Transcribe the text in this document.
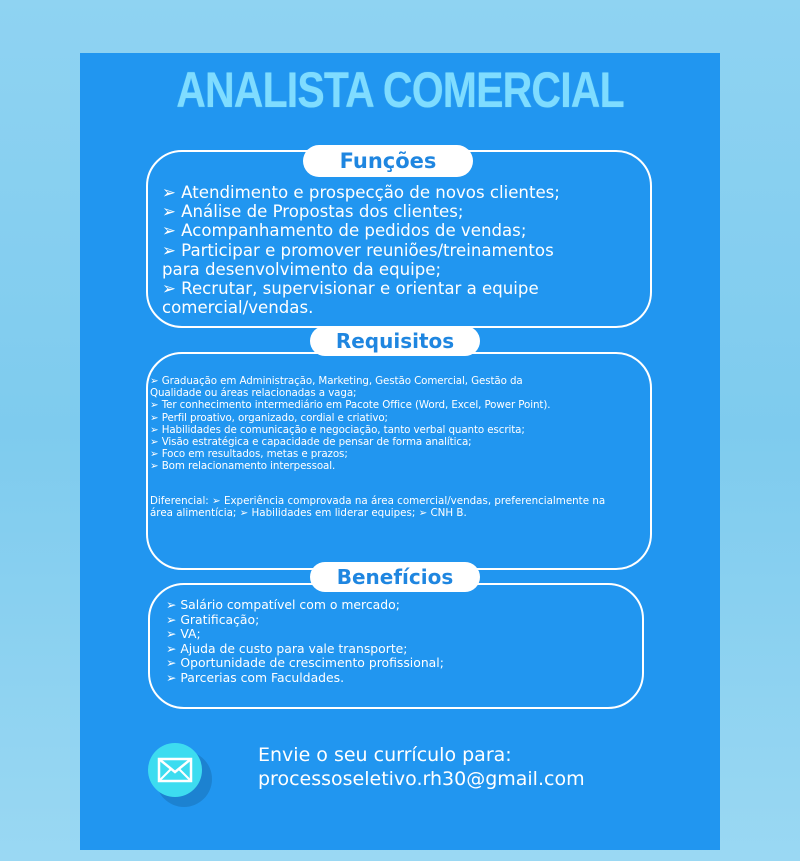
ANALISTA COMERCIAL
Funções
➢ Atendimento e prospecção de novos clientes;
➢ Análise de Propostas dos clientes;
➢ Acompanhamento de pedidos de vendas;
➢ Participar e promover reuniões/treinamentos
para desenvolvimento da equipe;
➢ Recrutar, supervisionar e orientar a equipe
comercial/vendas.
Requisitos
➢ Graduação em Administração, Marketing, Gestão Comercial, Gestão da
Qualidade ou áreas relacionadas a vaga;
➢ Ter conhecimento intermediário em Pacote Office (Word, Excel, Power Point).
➢ Perfil proativo, organizado, cordial e criativo;
➢ Habilidades de comunicação e negociação, tanto verbal quanto escrita;
➢ Visão estratégica e capacidade de pensar de forma analítica;
➢ Foco em resultados, metas e prazos;
➢ Bom relacionamento interpessoal.
Diferencial: ➢ Experiência comprovada na área comercial/vendas, preferencialmente na área alimentícia; ➢ Habilidades em liderar equipes; ➢ CNH B.
Benefícios
➢ Salário compatível com o mercado;
➢ Gratificação;
➢ VA;
➢ Ajuda de custo para vale transporte;
➢ Oportunidade de crescimento profissional;
➢ Parcerias com Faculdades.
Envie o seu currículo para:
processoseletivo.rh30@gmail.com
